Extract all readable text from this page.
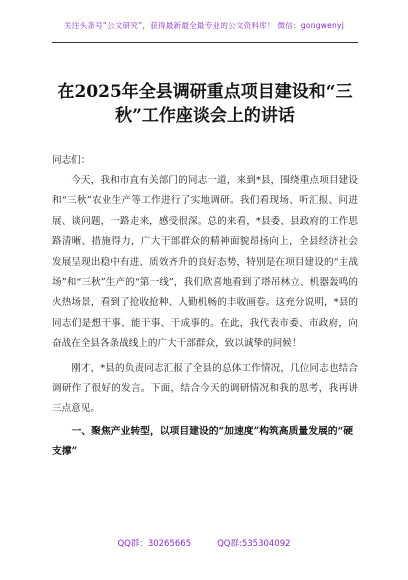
关注头条号“公文研究”，获得最新最全最专业的公文资料库！ 微信：gongwenyj
在2025年全县调研重点项目建设和“三秋”工作座谈会上的讲话
同志们：

今天，我和市直有关部门的同志一道，来到*县，围绕重点项目建设和“三秋”农业生产等工作进行了实地调研。我们看现场、听汇报、问进展、谈问题，一路走来，感受很深。总的来看，*县委、县政府的工作思路清晰、措施得力，广大干部群众的精神面貌昂扬向上，全县经济社会发展呈现出稳中有进、质效齐升的良好态势，特别是在项目建设的“主战场”和“三秋”生产的“第一线”，我们欣喜地看到了塔吊林立、机器轰鸣的火热场景，看到了抢收抢种、人勤机畅的丰收画卷。这充分说明，*县的同志们是想干事、能干事、干成事的。在此，我代表市委、市政府，向奋战在全县各条战线上的广大干部群众，致以诚挚的问候！

刚才，*县的负责同志汇报了全县的总体工作情况，几位同志也结合调研作了很好的发言。下面，结合今天的调研情况和我的思考，我再讲三点意见。

一、聚焦产业转型，以项目建设的“加速度”构筑高质量发展的“硬支撑”

QQ群：30265665	QQ群:535304092
